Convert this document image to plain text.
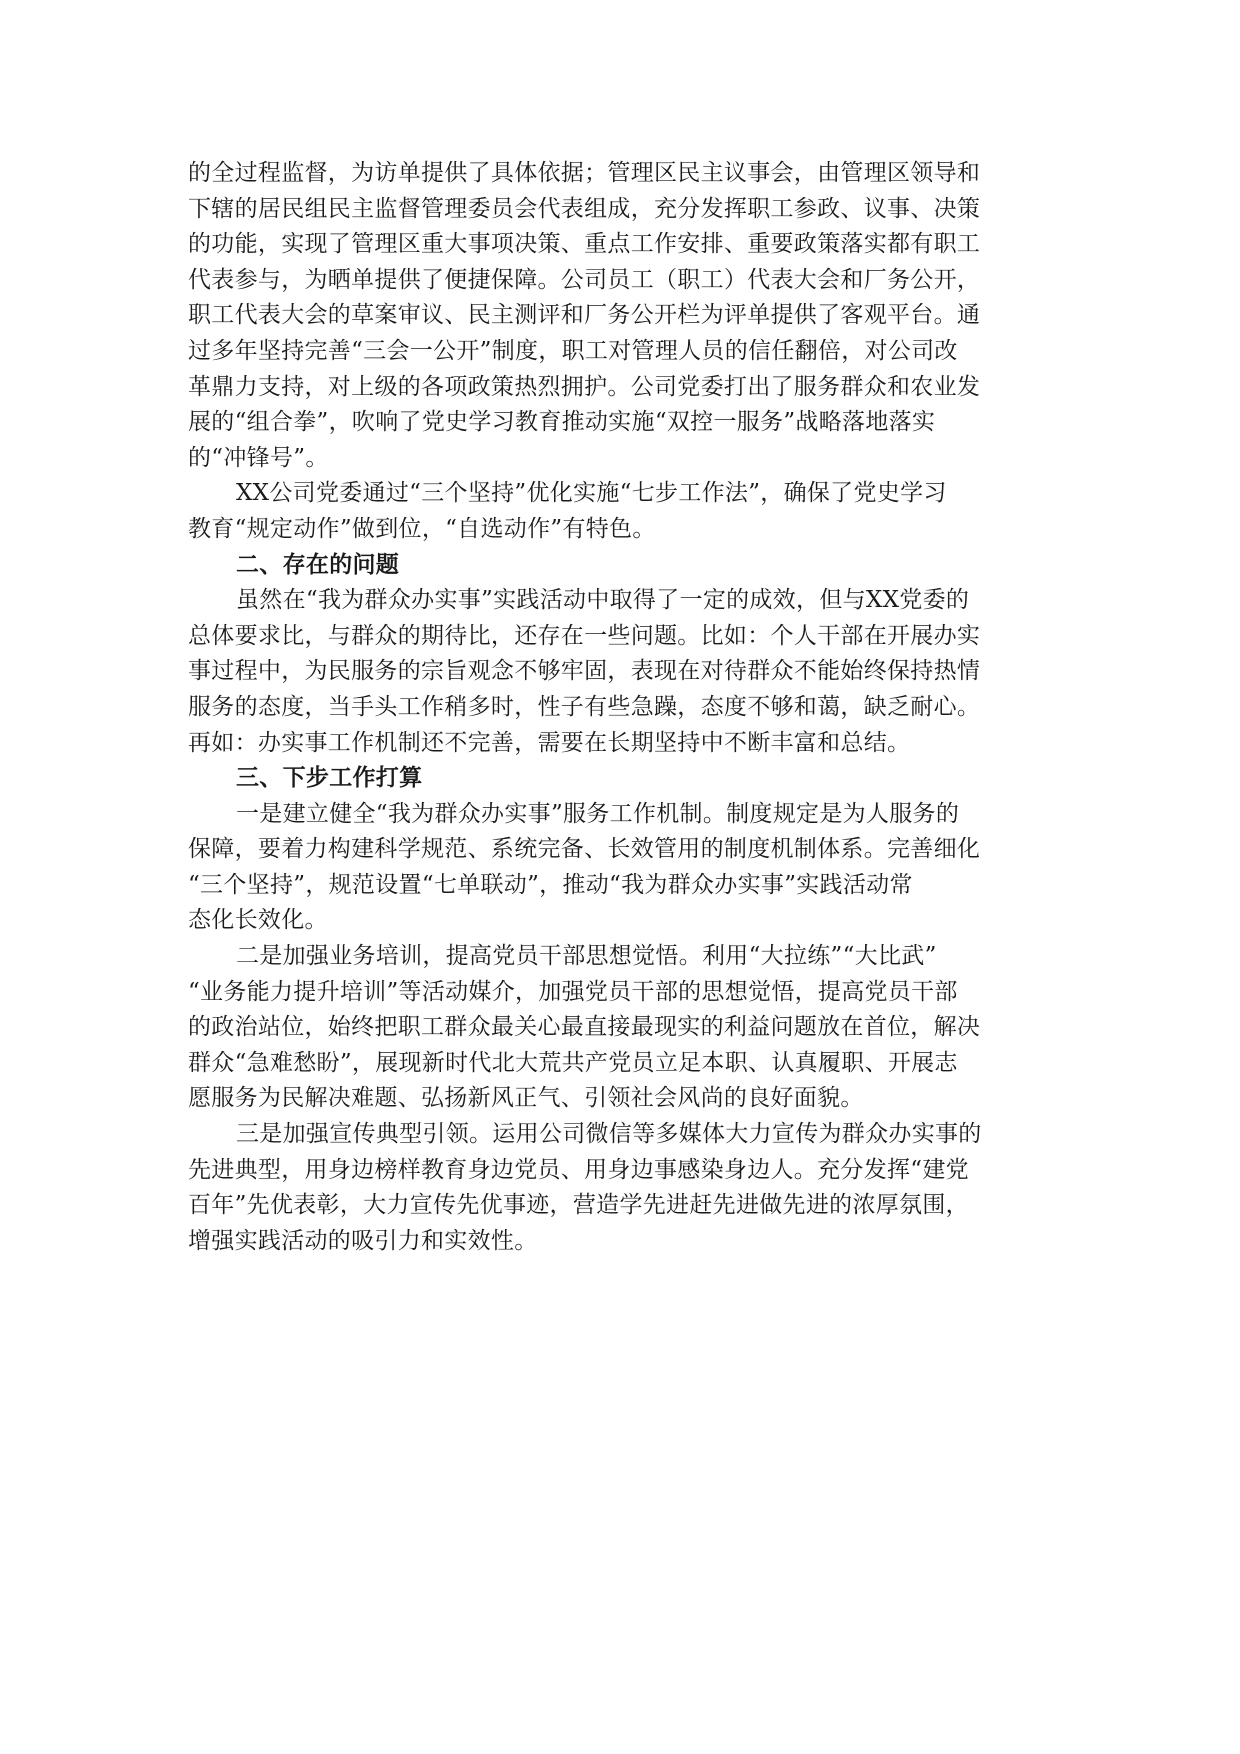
的全过程监督，为访单提供了具体依据；管理区民主议事会，由管理区领导和
下辖的居民组民主监督管理委员会代表组成，充分发挥职工参政、议事、决策
的功能，实现了管理区重大事项决策、重点工作安排、重要政策落实都有职工
代表参与，为晒单提供了便捷保障。公司员工（职工）代表大会和厂务公开，
职工代表大会的草案审议、民主测评和厂务公开栏为评单提供了客观平台。通
过多年坚持完善“三会一公开”制度，职工对管理人员的信任翻倍，对公司改
革鼎力支持，对上级的各项政策热烈拥护。公司党委打出了服务群众和农业发
展的“组合拳”，吹响了党史学习教育推动实施“双控一服务”战略落地落实
的“冲锋号”。
XX公司党委通过“三个坚持”优化实施“七步工作法”，确保了党史学习
教育“规定动作”做到位，“自选动作”有特色。
二、存在的问题
虽然在“我为群众办实事”实践活动中取得了一定的成效，但与XX党委的
总体要求比，与群众的期待比，还存在一些问题。比如：个人干部在开展办实
事过程中，为民服务的宗旨观念不够牢固，表现在对待群众不能始终保持热情
服务的态度，当手头工作稍多时，性子有些急躁，态度不够和蔼，缺乏耐心。
再如：办实事工作机制还不完善，需要在长期坚持中不断丰富和总结。
三、下步工作打算
一是建立健全“我为群众办实事”服务工作机制。制度规定是为人服务的
保障，要着力构建科学规范、系统完备、长效管用的制度机制体系。完善细化
“三个坚持”，规范设置“七单联动”，推动“我为群众办实事”实践活动常
态化长效化。
二是加强业务培训，提高党员干部思想觉悟。利用“大拉练”“大比武”
“业务能力提升培训”等活动媒介，加强党员干部的思想觉悟，提高党员干部
的政治站位，始终把职工群众最关心最直接最现实的利益问题放在首位，解决
群众“急难愁盼”，展现新时代北大荒共产党员立足本职、认真履职、开展志
愿服务为民解决难题、弘扬新风正气、引领社会风尚的良好面貌。
三是加强宣传典型引领。运用公司微信等多媒体大力宣传为群众办实事的
先进典型，用身边榜样教育身边党员、用身边事感染身边人。充分发挥“建党
百年”先优表彰，大力宣传先优事迹，营造学先进赶先进做先进的浓厚氛围，
增强实践活动的吸引力和实效性。
